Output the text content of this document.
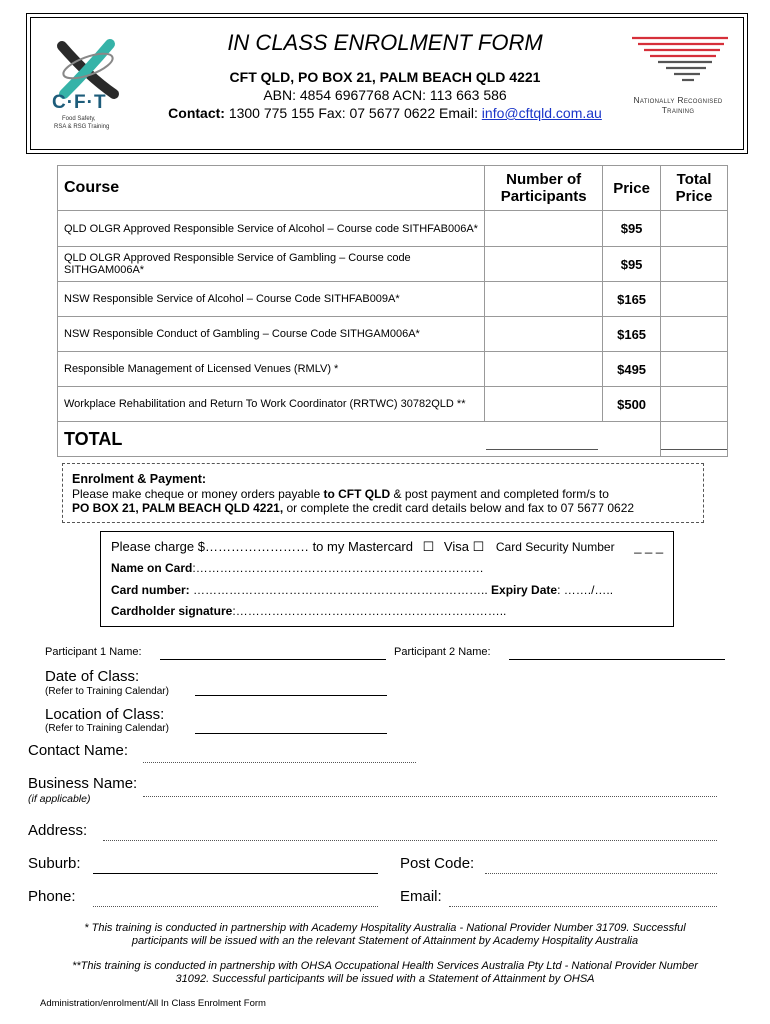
C·F·T
Food Safety,
RSA & RSG Training
IN CLASS ENROLMENT FORM
CFT QLD, PO BOX 21, PALM BEACH QLD 4221
ABN: 4854 6967768 ACN: 113 663 586
Contact: 1300 775 155 Fax: 07 5677 0622 Email: info@cftqld.com.au
Nationally Recognised
Training
Course	Number of
Participants	Price	Total
Price
QLD OLGR Approved Responsible Service of Alcohol – Course code SITHFAB006A*		$95	
QLD OLGR Approved Responsible Service of Gambling – Course code SITHGAM006A*		$95	
NSW Responsible Service of Alcohol – Course Code SITHFAB009A*		$165	
NSW Responsible Conduct of Gambling – Course Code SITHGAM006A*		$165	
Responsible Management of Licensed Venues (RMLV) *		$495	
Workplace Rehabilitation and Return To Work Coordinator (RRTWC) 30782QLD **		$500	
TOTAL			
Enrolment & Payment:
Please make cheque or money orders payable to CFT QLD & post payment and completed form/s to
PO BOX 21, PALM BEACH QLD 4221, or complete the credit card details below and fax to 07 5677 0622
Please charge $…………………… to my Mastercard ☐ Visa ☐ Card Security Number _ _ _
Name on Card:………………………………………………………………
Card number: ……………………………………………………………….. Expiry Date: ……./…..
Cardholder signature:…………………………………………………………..
Participant 1 Name:	Participant 2 Name:
Date of Class:
(Refer to Training Calendar)
Location of Class:
(Refer to Training Calendar)
Contact Name:
Business Name:
(if applicable)
Address:
Suburb:	Post Code:
Phone:	Email:
* This training is conducted in partnership with Academy Hospitality Australia - National Provider Number 31709. Successful
participants will be issued with an the relevant Statement of Attainment by Academy Hospitality Australia
**This training is conducted in partnership with OHSA Occupational Health Services Australia Pty Ltd - National Provider Number
31092. Successful participants will be issued with a Statement of Attainment by OHSA
Administration/enrolment/All In Class Enrolment Form
